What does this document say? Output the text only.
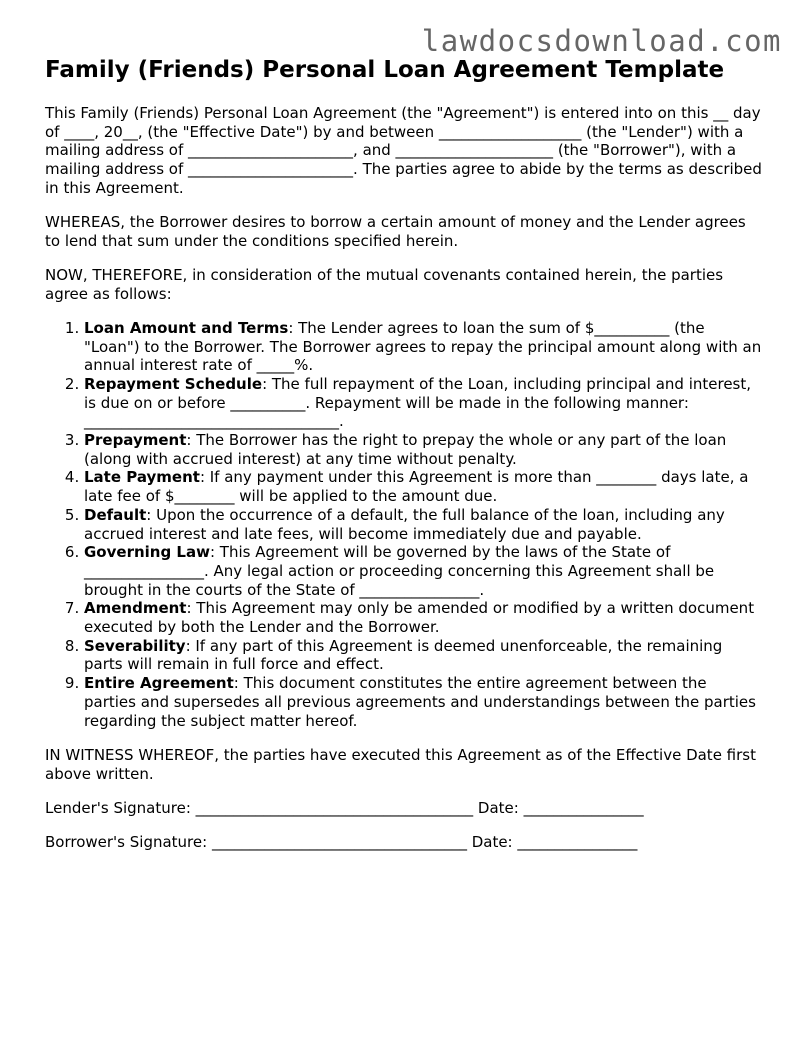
lawdocsdownload.com
Family (Friends) Personal Loan Agreement Template

This Family (Friends) Personal Loan Agreement (the "Agreement") is entered into on this __ day of ____, 20__, (the "Effective Date") by and between ___________________ (the "Lender") with a mailing address of ______________________, and _____________________ (the "Borrower"), with a mailing address of ______________________. The parties agree to abide by the terms as described in this Agreement.

WHEREAS, the Borrower desires to borrow a certain amount of money and the Lender agrees to lend that sum under the conditions specified herein.

NOW, THEREFORE, in consideration of the mutual covenants contained herein, the parties agree as follows:

1. Loan Amount and Terms: The Lender agrees to loan the sum of $__________ (the "Loan") to the Borrower. The Borrower agrees to repay the principal amount along with an annual interest rate of _____%.
2. Repayment Schedule: The full repayment of the Loan, including principal and interest, is due on or before __________. Repayment will be made in the following manner: __________________________________.
3. Prepayment: The Borrower has the right to prepay the whole or any part of the loan (along with accrued interest) at any time without penalty.
4. Late Payment: If any payment under this Agreement is more than ________ days late, a late fee of $________ will be applied to the amount due.
5. Default: Upon the occurrence of a default, the full balance of the loan, including any accrued interest and late fees, will become immediately due and payable.
6. Governing Law: This Agreement will be governed by the laws of the State of ________________. Any legal action or proceeding concerning this Agreement shall be brought in the courts of the State of ________________.
7. Amendment: This Agreement may only be amended or modified by a written document executed by both the Lender and the Borrower.
8. Severability: If any part of this Agreement is deemed unenforceable, the remaining parts will remain in full force and effect.
9. Entire Agreement: This document constitutes the entire agreement between the parties and supersedes all previous agreements and understandings between the parties regarding the subject matter hereof.

IN WITNESS WHEREOF, the parties have executed this Agreement as of the Effective Date first above written.

Lender's Signature: _____________________________________ Date: ________________
Borrower's Signature: __________________________________ Date: ________________
